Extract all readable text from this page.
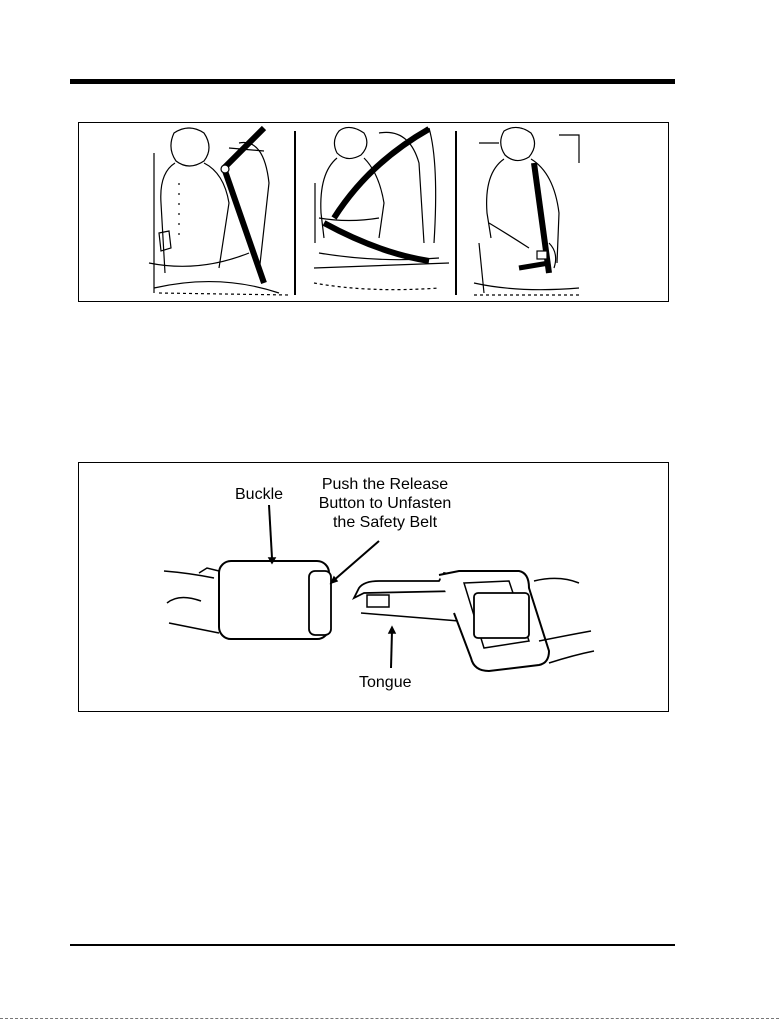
Buckle
Push the Release
Button to Unfasten
the Safety Belt
Tongue
